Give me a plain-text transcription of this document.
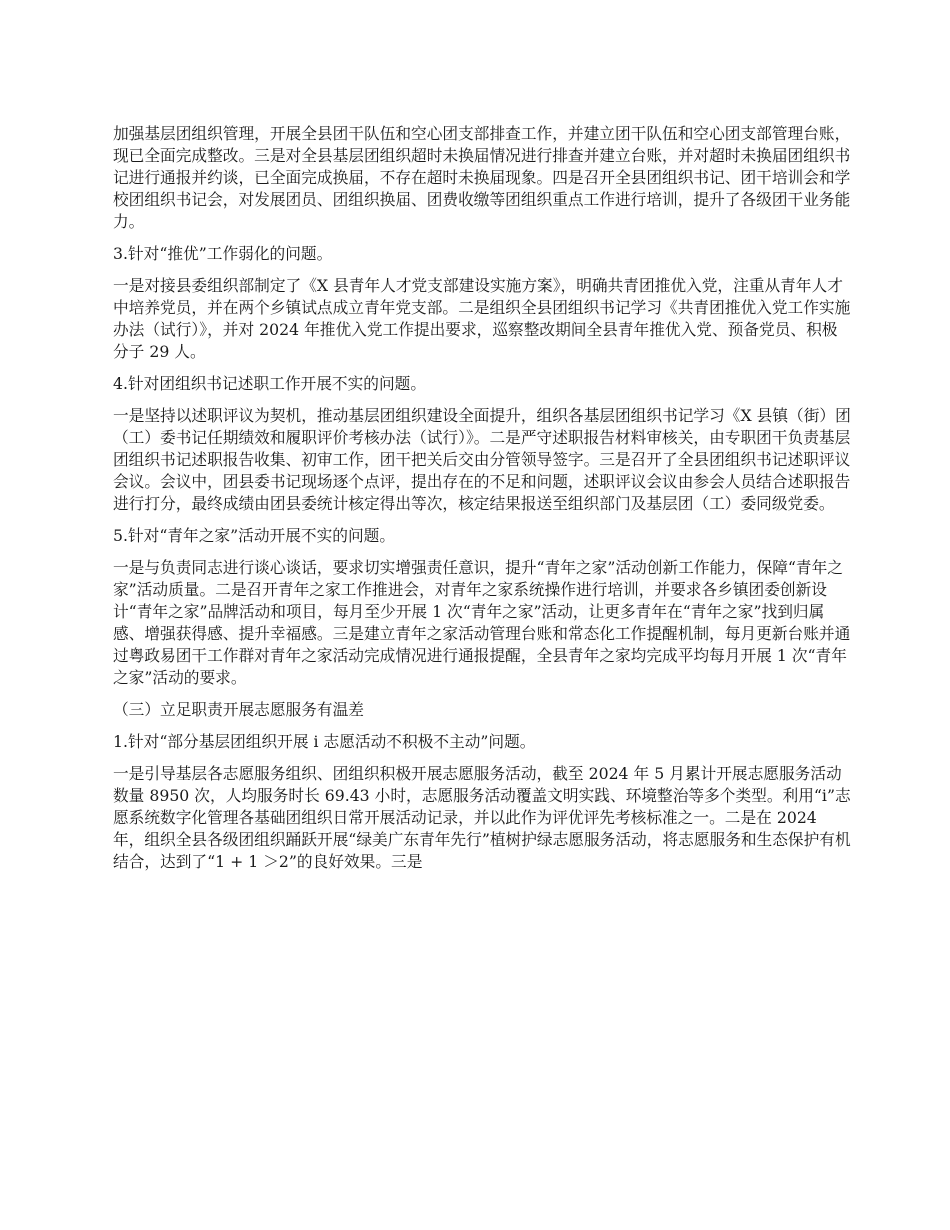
加强基层团组织管理，开展全县团干队伍和空心团支部排查工作，并建立团干队伍和空心团支部管理台账，现已全面完成整改。三是对全县基层团组织超时未换届情况进行排查并建立台账，并对超时未换届团组织书记进行通报并约谈，已全面完成换届，不存在超时未换届现象。四是召开全县团组织书记、团干培训会和学校团组织书记会，对发展团员、团组织换届、团费收缴等团组织重点工作进行培训，提升了各级团干业务能力。

3.针对“推优”工作弱化的问题。

一是对接县委组织部制定了《X 县青年人才党支部建设实施方案》，明确共青团推优入党，注重从青年人才中培养党员，并在两个乡镇试点成立青年党支部。二是组织全县团组织书记学习《共青团推优入党工作实施办法（试行）》，并对 2024 年推优入党工作提出要求，巡察整改期间全县青年推优入党、预备党员、积极分子 29 人。

4.针对团组织书记述职工作开展不实的问题。

一是坚持以述职评议为契机，推动基层团组织建设全面提升，组织各基层团组织书记学习《X 县镇（街）团（工）委书记任期绩效和履职评价考核办法（试行）》。二是严守述职报告材料审核关，由专职团干负责基层团组织书记述职报告收集、初审工作，团干把关后交由分管领导签字。三是召开了全县团组织书记述职评议会议。会议中，团县委书记现场逐个点评，提出存在的不足和问题，述职评议会议由参会人员结合述职报告进行打分，最终成绩由团县委统计核定得出等次，核定结果报送至组织部门及基层团（工）委同级党委。

5.针对“青年之家”活动开展不实的问题。

一是与负责同志进行谈心谈话，要求切实增强责任意识，提升“青年之家”活动创新工作能力，保障“青年之家”活动质量。二是召开青年之家工作推进会，对青年之家系统操作进行培训，并要求各乡镇团委创新设计“青年之家”品牌活动和项目，每月至少开展 1 次“青年之家”活动，让更多青年在“青年之家”找到归属感、增强获得感、提升幸福感。三是建立青年之家活动管理台账和常态化工作提醒机制，每月更新台账并通过粤政易团干工作群对青年之家活动完成情况进行通报提醒，全县青年之家均完成平均每月开展 1 次“青年之家”活动的要求。

（三）立足职责开展志愿服务有温差

1.针对“部分基层团组织开展 i 志愿活动不积极不主动”问题。

一是引导基层各志愿服务组织、团组织积极开展志愿服务活动，截至 2024 年 5 月累计开展志愿服务活动数量 8950 次，人均服务时长 69.43 小时，志愿服务活动覆盖文明实践、环境整治等多个类型。利用“i”志愿系统数字化管理各基础团组织日常开展活动记录，并以此作为评优评先考核标准之一。二是在 2024 年，组织全县各级团组织踊跃开展“绿美广东青年先行”植树护绿志愿服务活动，将志愿服务和生态保护有机结合，达到了“1 + 1 ＞2”的良好效果。三是
